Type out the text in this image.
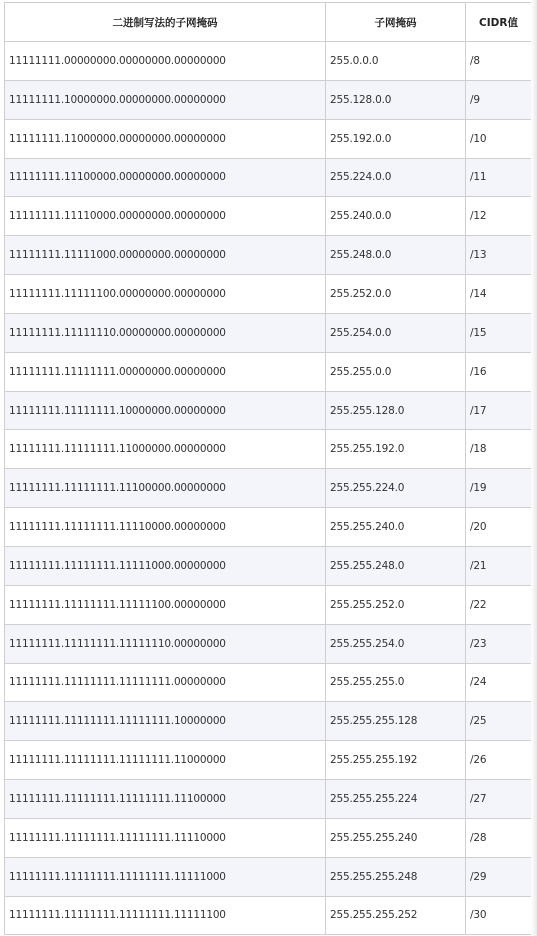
二进制写法的子网掩码	子网掩码	CIDR值
11111111.00000000.00000000.00000000	255.0.0.0	/8
11111111.10000000.00000000.00000000	255.128.0.0	/9
11111111.11000000.00000000.00000000	255.192.0.0	/10
11111111.11100000.00000000.00000000	255.224.0.0	/11
11111111.11110000.00000000.00000000	255.240.0.0	/12
11111111.11111000.00000000.00000000	255.248.0.0	/13
11111111.11111100.00000000.00000000	255.252.0.0	/14
11111111.11111110.00000000.00000000	255.254.0.0	/15
11111111.11111111.00000000.00000000	255.255.0.0	/16
11111111.11111111.10000000.00000000	255.255.128.0	/17
11111111.11111111.11000000.00000000	255.255.192.0	/18
11111111.11111111.11100000.00000000	255.255.224.0	/19
11111111.11111111.11110000.00000000	255.255.240.0	/20
11111111.11111111.11111000.00000000	255.255.248.0	/21
11111111.11111111.11111100.00000000	255.255.252.0	/22
11111111.11111111.11111110.00000000	255.255.254.0	/23
11111111.11111111.11111111.00000000	255.255.255.0	/24
11111111.11111111.11111111.10000000	255.255.255.128	/25
11111111.11111111.11111111.11000000	255.255.255.192	/26
11111111.11111111.11111111.11100000	255.255.255.224	/27
11111111.11111111.11111111.11110000	255.255.255.240	/28
11111111.11111111.11111111.11111000	255.255.255.248	/29
11111111.11111111.11111111.11111100	255.255.255.252	/30
